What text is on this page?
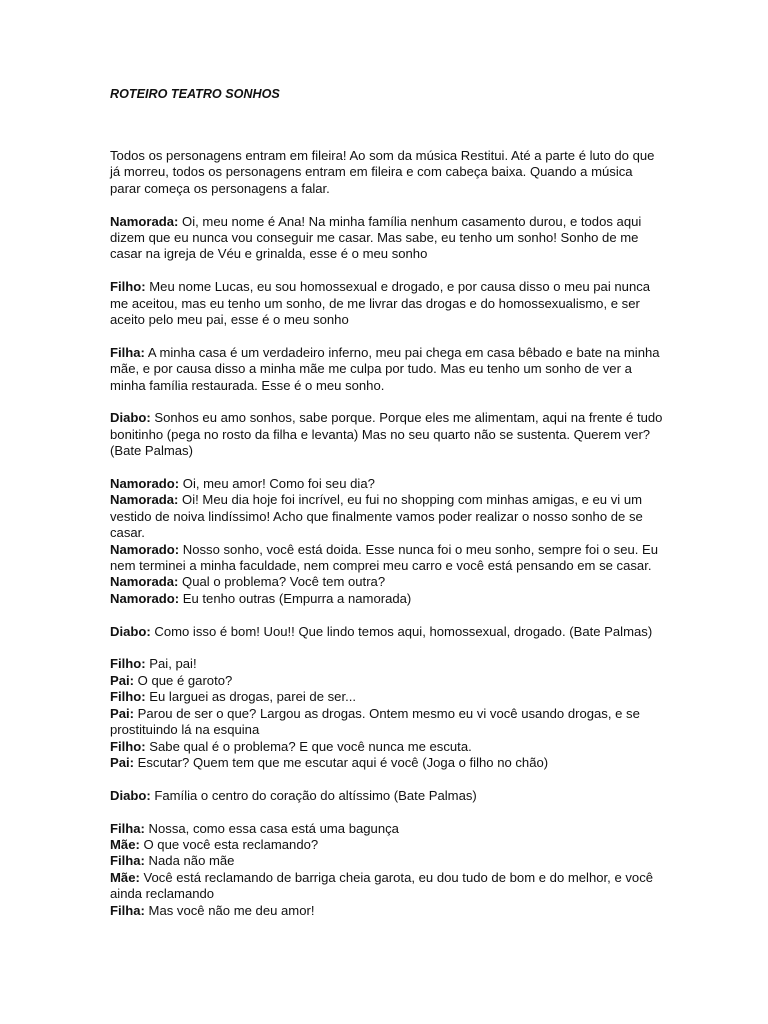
ROTEIRO TEATRO SONHOS

Todos os personagens entram em fileira! Ao som da música Restitui. Até a parte é luto do que já morreu, todos os personagens entram em fileira e com cabeça baixa. Quando a música parar começa os personagens a falar.

Namorada: Oi, meu nome é Ana! Na minha família nenhum casamento durou, e todos aqui dizem que eu nunca vou conseguir me casar. Mas sabe, eu tenho um sonho! Sonho de me casar na igreja de Véu e grinalda, esse é o meu sonho

Filho: Meu nome Lucas, eu sou homossexual e drogado, e por causa disso o meu pai nunca me aceitou, mas eu tenho um sonho, de me livrar das drogas e do homossexualismo, e ser aceito pelo meu pai, esse é o meu sonho

Filha: A minha casa é um verdadeiro inferno, meu pai chega em casa bêbado e bate na minha mãe, e por causa disso a minha mãe me culpa por tudo. Mas eu tenho um sonho de ver a minha família restaurada. Esse é o meu sonho.

Diabo: Sonhos eu amo sonhos, sabe porque. Porque eles me alimentam, aqui na frente é tudo bonitinho (pega no rosto da filha e levanta) Mas no seu quarto não se sustenta. Querem ver? (Bate Palmas)

Namorado: Oi, meu amor! Como foi seu dia?

Namorada: Oi! Meu dia hoje foi incrível, eu fui no shopping com minhas amigas, e eu vi um vestido de noiva lindíssimo! Acho que finalmente vamos poder realizar o nosso sonho de se casar.

Namorado: Nosso sonho, você está doida. Esse nunca foi o meu sonho, sempre foi o seu. Eu nem terminei a minha faculdade, nem comprei meu carro e você está pensando em se casar.

Namorada: Qual o problema? Você tem outra?

Namorado: Eu tenho outras (Empurra a namorada)

Diabo: Como isso é bom! Uou!! Que lindo temos aqui, homossexual, drogado. (Bate Palmas)

Filho: Pai, pai!

Pai: O que é garoto?

Filho: Eu larguei as drogas, parei de ser...

Pai: Parou de ser o que? Largou as drogas. Ontem mesmo eu vi você usando drogas, e se prostituindo lá na esquina

Filho: Sabe qual é o problema? E que você nunca me escuta.

Pai: Escutar? Quem tem que me escutar aqui é você (Joga o filho no chão)

Diabo: Família o centro do coração do altíssimo (Bate Palmas)

Filha: Nossa, como essa casa está uma bagunça

Mãe: O que você esta reclamando?

Filha: Nada não mãe

Mãe: Você está reclamando de barriga cheia garota, eu dou tudo de bom e do melhor, e você ainda reclamando

Filha: Mas você não me deu amor!
